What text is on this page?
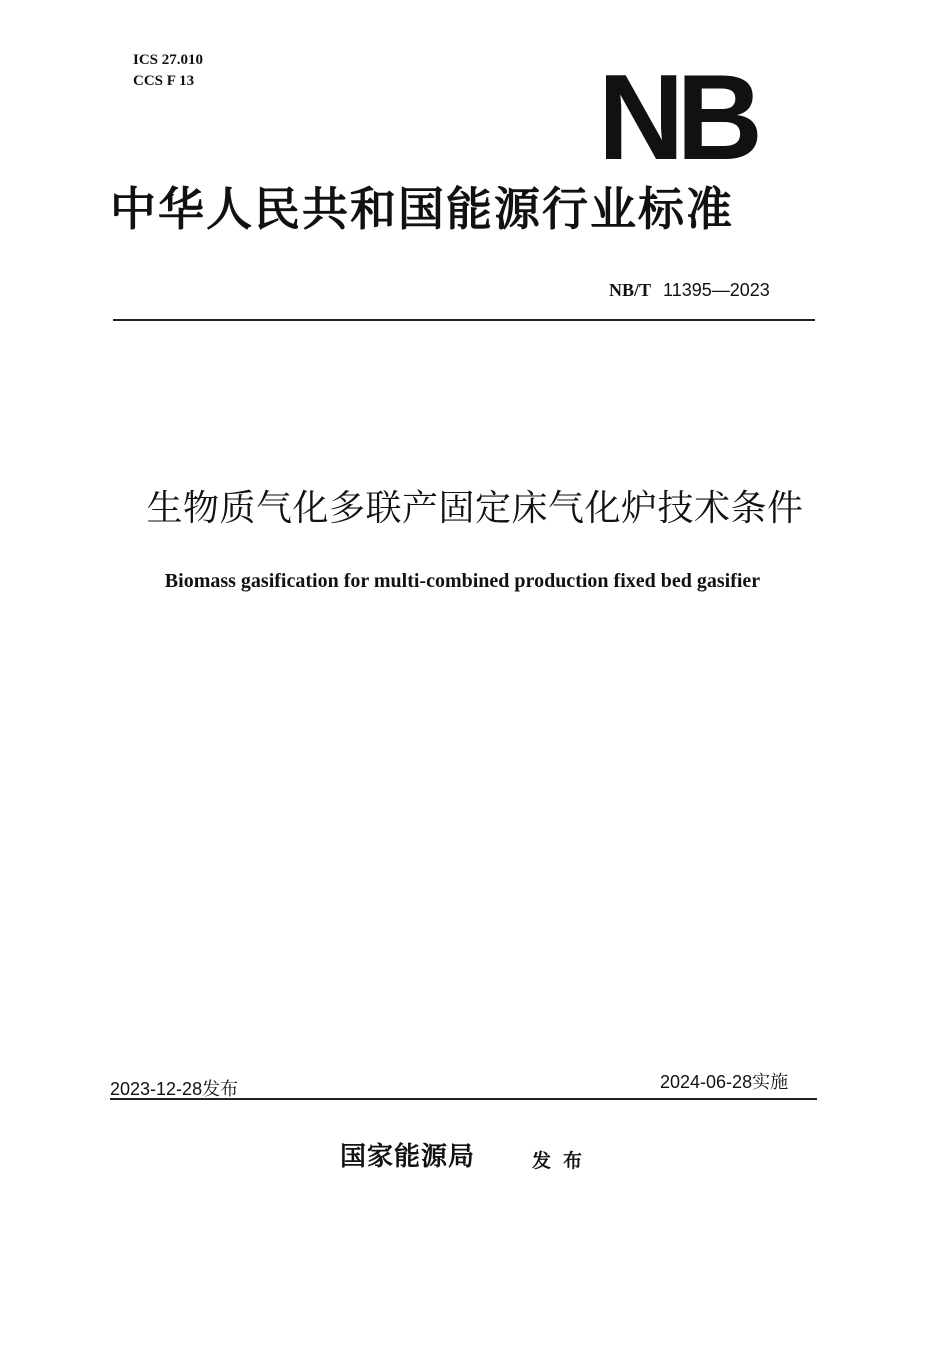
ICS 27.010
CCS F 13	NB
中华人民共和国能源行业标准
NB/T 11395—2023
生物质气化多联产固定床气化炉技术条件
Biomass gasification for multi-combined production fixed bed gasifier
2023-12-28发布	2024-06-28实施
国家能源局	发布
